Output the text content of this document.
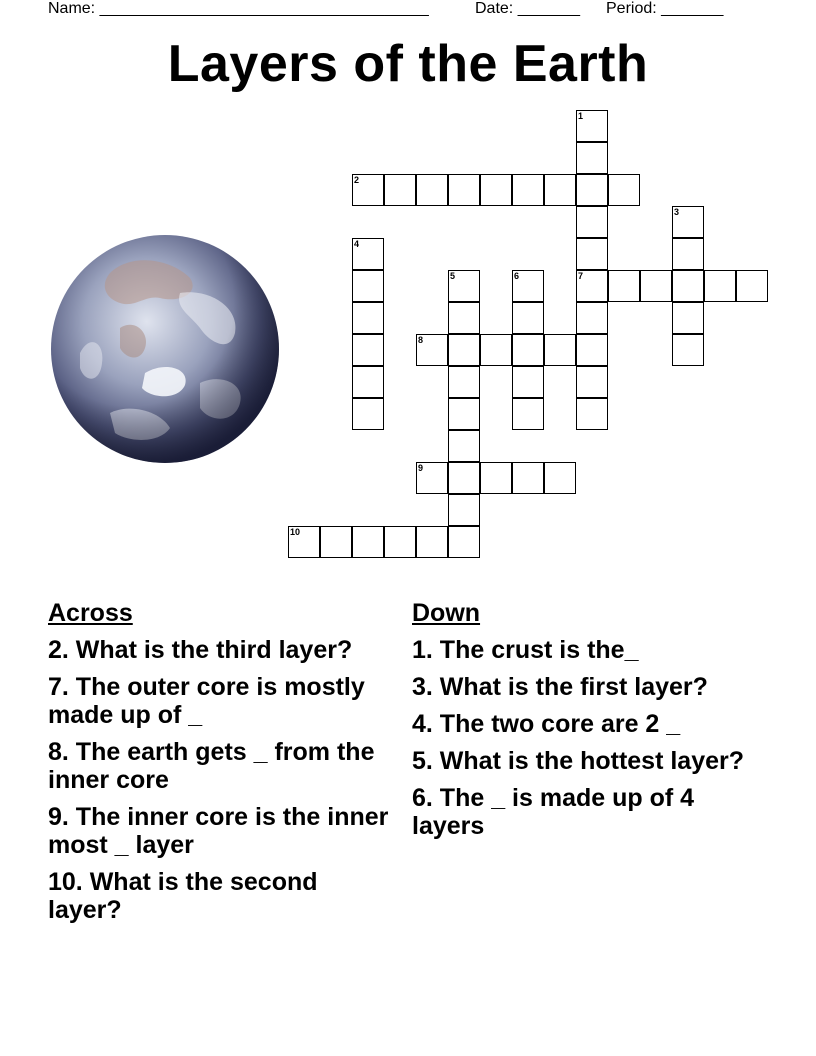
Name: _____________________________________	Date: _______ Period: _______
Layers of the Earth
1
2
3
4
5	6	7
8
9
10
Across
2. What is the third layer?
7. The outer core is mostly made up of _
8. The earth gets _ from the inner core
9. The inner core is the inner most _ layer
10. What is the second layer?
Down
1. The crust is the_
3. What is the first layer?
4. The two core are 2 _
5. What is the hottest layer?
6. The _ is made up of 4 layers
